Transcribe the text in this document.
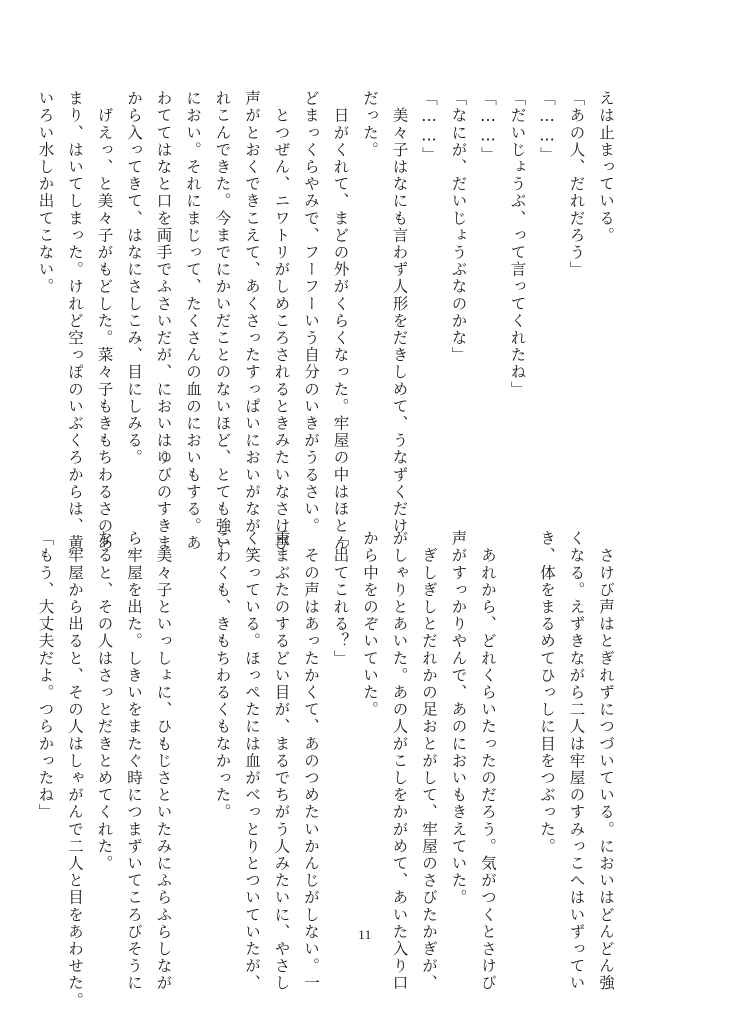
えは止まっている。
「あの人、だれだろう」
「……」
「だいじょうぶ、って言ってくれたね」
「……」
「なにが、だいじょうぶなのかな」
「……」
　美々子はなにも言わず人形をだきしめて、うなずくだけ
だった。
　日がくれて、まどの外がくらくなった。牢屋の中はほとん
どまっくらやみで、フーフーいう自分のいきがうるさい。
　とつぜん、ニワトリがしめころされるときみたいなさけび
声がとおくできこえて、あくさったすっぱいにおいがなが
れこんできた。今までにかいだことのないほど、とても強い
におい。それにまじって、たくさんの血のにおいもする。あ
わててはなと口を両手でふさいだが、においはゆびのすきま
から入ってきて、はなにさしこみ、目にしみる。
　げえっ、と美々子がもどした。菜々子もきもちわるさのあ
まり、はいてしまった。けれど空っぽのいぶくろからは、黄
いろい水しか出てこない。
　さけび声はとぎれずにつづいている。においはどんどん強
くなる。えずきながら二人は牢屋のすみっこへはいずってい
き、体をまるめてひっしに目をつぶった。

　あれから、どれくらいたったのだろう。気がつくとさけび
声がすっかりやんで、あのにおいもきえていた。
　ぎしぎしとだれかの足おとがして、牢屋のさびたかぎが、
がしゃりとあいた。あの人がこしをかがめて、あいた入り口
から中をのぞいていた。
「出てこれる？」
　その声はあったかくて、あのつめたいかんじがしない。一
重まぶたのするどい目が、まるでちがう人みたいに、やさし
く笑っている。ほっぺたには血がべっとりとついていたが、
こわくも、きもちわるくもなかった。

　美々子といっしょに、ひもじさといたみにふらふらしなが
ら牢屋を出た。しきいをまたぐ時につまずいてころびそうに
なると、その人はさっとだきとめてくれた。
　牢屋から出ると、その人はしゃがんで二人と目をあわせた。
「もう、大丈夫だよ。つらかったね」
11
